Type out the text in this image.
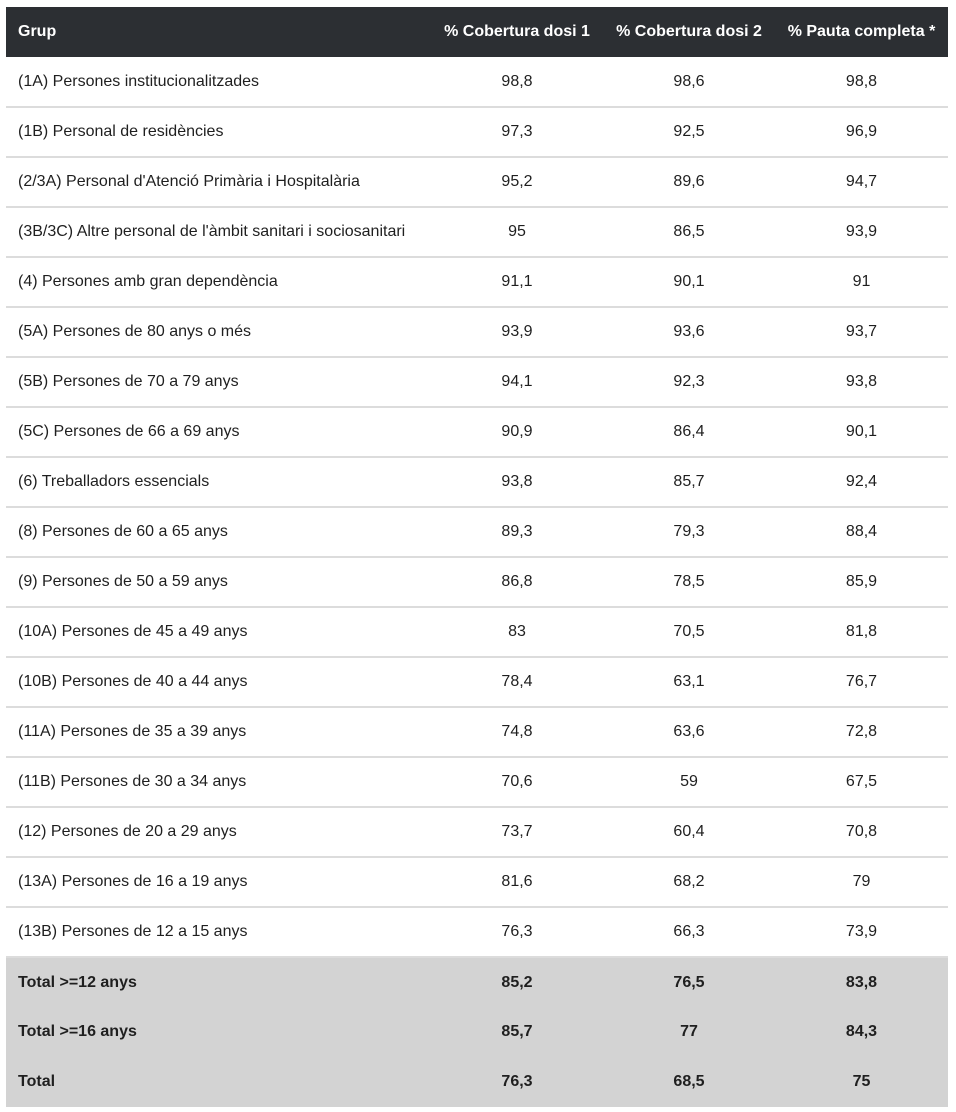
Grup	% Cobertura dosi 1	% Cobertura dosi 2	% Pauta completa *
(1A) Persones institucionalitzades	98,8	98,6	98,8
(1B) Personal de residències	97,3	92,5	96,9
(2/3A) Personal d'Atenció Primària i Hospitalària	95,2	89,6	94,7
(3B/3C) Altre personal de l'àmbit sanitari i sociosanitari	95	86,5	93,9
(4) Persones amb gran dependència	91,1	90,1	91
(5A) Persones de 80 anys o més	93,9	93,6	93,7
(5B) Persones de 70 a 79 anys	94,1	92,3	93,8
(5C) Persones de 66 a 69 anys	90,9	86,4	90,1
(6) Treballadors essencials	93,8	85,7	92,4
(8) Persones de 60 a 65 anys	89,3	79,3	88,4
(9) Persones de 50 a 59 anys	86,8	78,5	85,9
(10A) Persones de 45 a 49 anys	83	70,5	81,8
(10B) Persones de 40 a 44 anys	78,4	63,1	76,7
(11A) Persones de 35 a 39 anys	74,8	63,6	72,8
(11B) Persones de 30 a 34 anys	70,6	59	67,5
(12) Persones de 20 a 29 anys	73,7	60,4	70,8
(13A) Persones de 16 a 19 anys	81,6	68,2	79
(13B) Persones de 12 a 15 anys	76,3	66,3	73,9
Total >=12 anys	85,2	76,5	83,8
Total >=16 anys	85,7	77	84,3
Total	76,3	68,5	75
